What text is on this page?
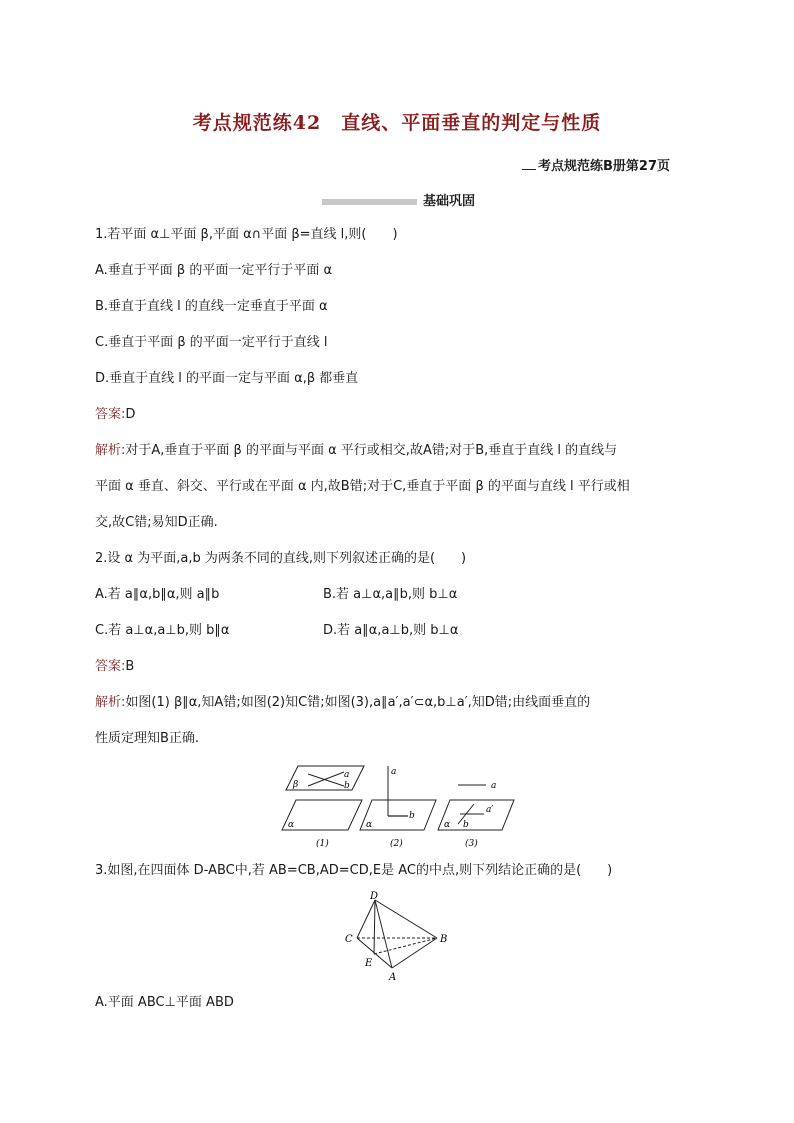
考点规范练42　直线、平面垂直的判定与性质
考点规范练B册第27页
基础巩固
1.若平面 α⊥平面 β,平面 α∩平面 β=直线 l,则(　　)
A.垂直于平面 β 的平面一定平行于平面 α
B.垂直于直线 l 的直线一定垂直于平面 α
C.垂直于平面 β 的平面一定平行于直线 l
D.垂直于直线 l 的平面一定与平面 α,β 都垂直
答案:D
解析:对于A,垂直于平面 β 的平面与平面 α 平行或相交,故A错;对于B,垂直于直线 l 的直线与
平面 α 垂直、斜交、平行或在平面 α 内,故B错;对于C,垂直于平面 β 的平面与直线 l 平行或相
交,故C错;易知D正确.
2.设 α 为平面,a,b 为两条不同的直线,则下列叙述正确的是(　　)
A.若 a∥α,b∥α,则 a∥b	B.若 a⊥α,a∥b,则 b⊥α
C.若 a⊥α,a⊥b,则 b∥α	D.若 a∥α,a⊥b,则 b⊥α
答案:B
解析:如图(1) β∥α,知A错;如图(2)知C错;如图(3),a∥a′,a′⊂α,b⊥a′,知D错;由线面垂直的
性质定理知B正确.
β
a
b
α
(1)
a
b
α
(2)
a
a′
b
α
(3)
3.如图,在四面体 D-ABC中,若 AB=CB,AD=CD,E是 AC的中点,则下列结论正确的是(　　)
D
C	B
E
A
A.平面 ABC⊥平面 ABD
